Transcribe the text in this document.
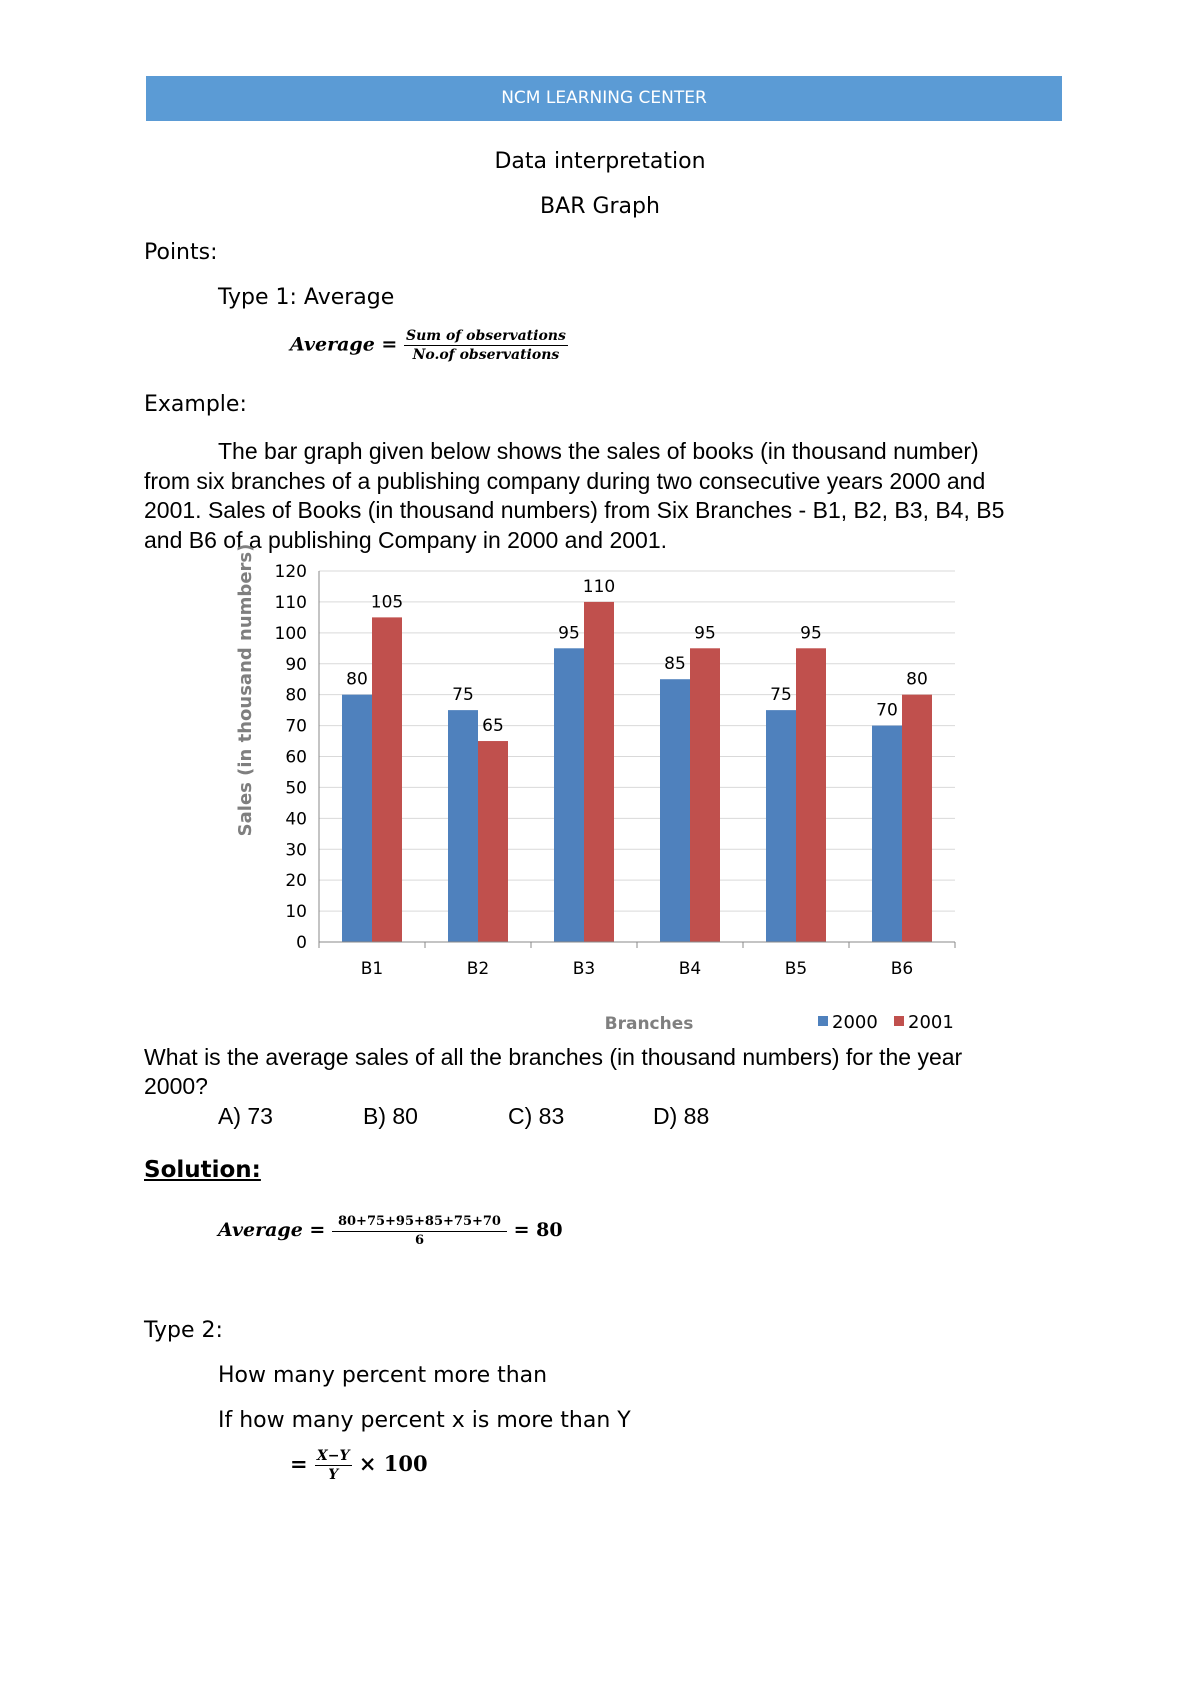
NCM LEARNING CENTER
Data interpretation
BAR Graph
Points:
Type 1: Average
Average = $\frac{\text{Sum of observations}}{\text{No.of observations}}$
Example:
The bar graph given below shows the sales of books (in thousand number)
from six branches of a publishing company during two consecutive years 2000 and
2001. Sales of Books (in thousand numbers) from Six Branches - B1, B2, B3, B4, B5
and B6 of a publishing Company in 2000 and 2001.
0
10
20
30
40
50
60
70
80
90
100
110
120
B1
80
105
B2
75
65
B3
95
110
B4
85
95
B5
75
95
B6
70
80
Sales (in thousand numbers)
Branches	2000 2001
What is the average sales of all the branches (in thousand numbers) for the year
2000?
A) 73	B) 80	C) 83	D) 88
Solution:
Average = $\frac{80+75+95+85+75+70}{6} = 80$
Type 2:
How many percent more than
If how many percent x is more than Y
= $\frac{X-Y}{Y} \times 100$
